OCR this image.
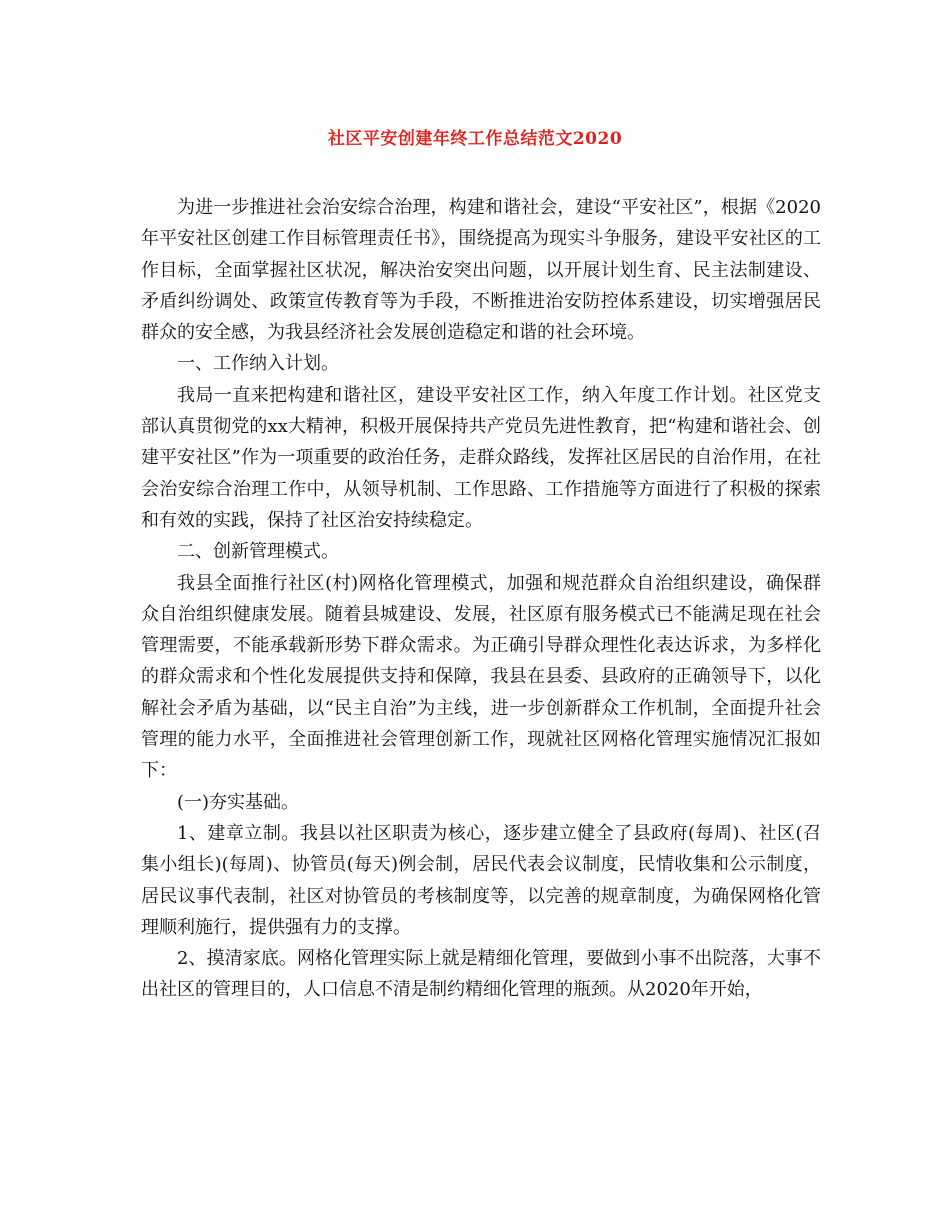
社区平安创建年终工作总结范文2020

为进一步推进社会治安综合治理，构建和谐社会，建设“平安社区”，根据《2020年平安社区创建工作目标管理责任书》，围绕提高为现实斗争服务，建设平安社区的工作目标，全面掌握社区状况，解决治安突出问题，以开展计划生育、民主法制建设、矛盾纠纷调处、政策宣传教育等为手段，不断推进治安防控体系建设，切实增强居民群众的安全感，为我县经济社会发展创造稳定和谐的社会环境。

一、工作纳入计划。

我局一直来把构建和谐社区，建设平安社区工作，纳入年度工作计划。社区党支部认真贯彻党的xx大精神，积极开展保持共产党员先进性教育，把“构建和谐社会、创建平安社区”作为一项重要的政治任务，走群众路线，发挥社区居民的自治作用，在社会治安综合治理工作中，从领导机制、工作思路、工作措施等方面进行了积极的探索和有效的实践，保持了社区治安持续稳定。

二、创新管理模式。

我县全面推行社区(村)网格化管理模式，加强和规范群众自治组织建设，确保群众自治组织健康发展。随着县城建设、发展，社区原有服务模式已不能满足现在社会管理需要，不能承载新形势下群众需求。为正确引导群众理性化表达诉求，为多样化的群众需求和个性化发展提供支持和保障，我县在县委、县政府的正确领导下，以化解社会矛盾为基础，以“民主自治”为主线，进一步创新群众工作机制，全面提升社会管理的能力水平，全面推进社会管理创新工作，现就社区网格化管理实施情况汇报如下：

(一)夯实基础。

1、建章立制。我县以社区职责为核心，逐步建立健全了县政府(每周)、社区(召集小组长)(每周)、协管员(每天)例会制，居民代表会议制度，民情收集和公示制度，居民议事代表制，社区对协管员的考核制度等，以完善的规章制度，为确保网格化管理顺利施行，提供强有力的支撑。

2、摸清家底。网格化管理实际上就是精细化管理，要做到小事不出院落，大事不出社区的管理目的，人口信息不清是制约精细化管理的瓶颈。从2020年开始，
